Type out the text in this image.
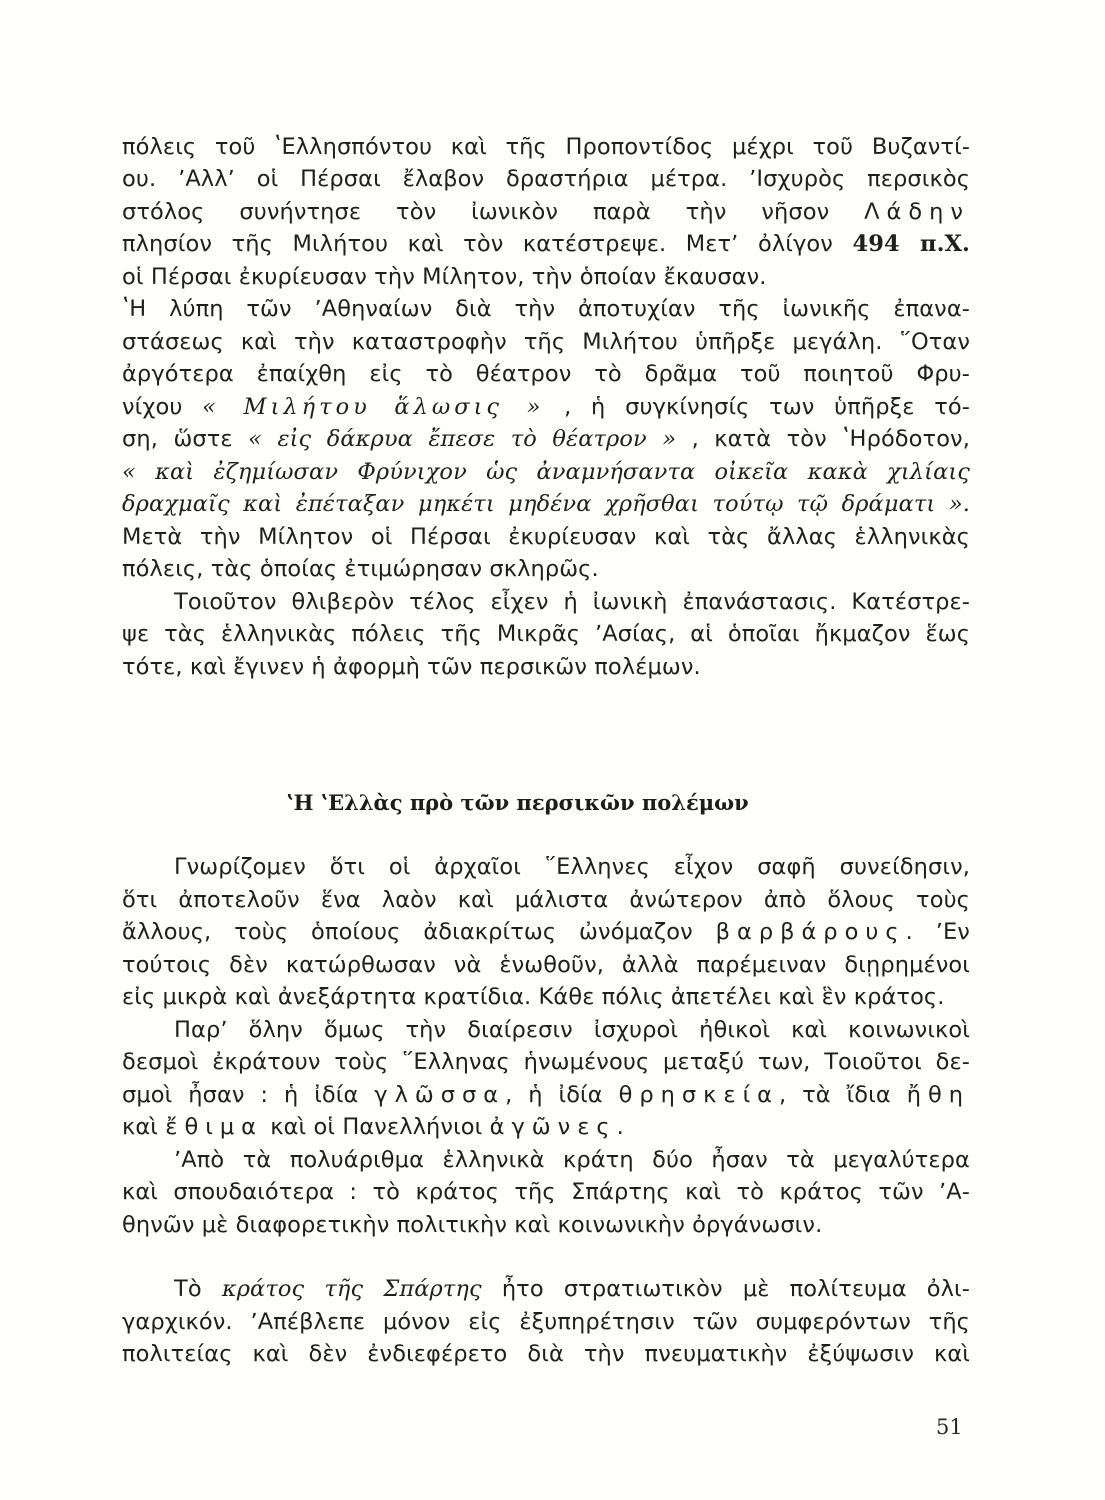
πόλεις τοῦ ʽΕλλησπόντου καὶ τῆς Προποντίδος μέχρι τοῦ Βυζαντί-
ου. ʼΑλλʼ οἱ Πέρσαι ἔλαβον δραστήρια μέτρα. ʼΙσχυρὸς περσικὸς
στόλος συνήντησε τὸν ἰωνικὸν παρὰ τὴν νῆσον Λάδην
πλησίον τῆς Μιλήτου καὶ τὸν κατέστρεψε. Μετʼ ὀλίγον 494 π.Χ.
οἱ Πέρσαι ἐκυρίευσαν τὴν Μίλητον, τὴν ὁποίαν ἔκαυσαν.
ʽΗ λύπη τῶν ʼΑθηναίων διὰ τὴν ἀποτυχίαν τῆς ἰωνικῆς ἐπανα-
στάσεως καὶ τὴν καταστροφὴν τῆς Μιλήτου ὑπῆρξε μεγάλη. ῞Οταν
ἀργότερα ἐπαίχθη εἰς τὸ θέατρον τὸ δρᾶμα τοῦ ποιητοῦ Φρυ-
νίχου « Μιλήτου ἅλωσις » , ἡ συγκίνησίς των ὑπῆρξε τό-
ση, ὥστε « εἰς δάκρυα ἔπεσε τὸ θέατρον » , κατὰ τὸν ʽΗρόδοτον,
« καὶ ἐζημίωσαν Φρύνιχον ὡς ἀναμνήσαντα οἰκεῖα κακὰ χιλίαις
δραχμαῖς καὶ ἐπέταξαν μηκέτι μηδένα χρῆσθαι τούτῳ τῷ δράματι ».
Μετὰ τὴν Μίλητον οἱ Πέρσαι ἐκυρίευσαν καὶ τὰς ἄλλας ἑλληνικὰς
πόλεις, τὰς ὁποίας ἐτιμώρησαν σκληρῶς.
Τοιοῦτον θλιβερὸν τέλος εἶχεν ἡ ἰωνικὴ ἐπανάστασις. Κατέστρε-
ψε τὰς ἑλληνικὰς πόλεις τῆς Μικρᾶς ʼΑσίας, αἱ ὁποῖαι ἤκμαζον ἕως
τότε, καὶ ἔγινεν ἡ ἀφορμὴ τῶν περσικῶν πολέμων.
ʽΗ ʽΕλλὰς πρὸ τῶν περσικῶν πολέμων
Γνωρίζομεν ὅτι οἱ ἀρχαῖοι ῞Ελληνες εἶχον σαφῆ συνείδησιν,
ὅτι ἀποτελοῦν ἕνα λαὸν καὶ μάλιστα ἀνώτερον ἀπὸ ὅλους τοὺς
ἄλλους, τοὺς ὁποίους ἀδιακρίτως ὠνόμαζον βαρβάρους. ʼΕν
τούτοις δὲν κατώρθωσαν νὰ ἑνωθοῦν, ἀλλὰ παρέμειναν διῃρημένοι
εἰς μικρὰ καὶ ἀνεξάρτητα κρατίδια. Κάθε πόλις ἀπετέλει καὶ ἓν κράτος.
Παρʼ ὅλην ὅμως τὴν διαίρεσιν ἰσχυροὶ ἠθικοὶ καὶ κοινωνικοὶ
δεσμοὶ ἐκράτουν τοὺς ῞Ελληνας ἡνωμένους μεταξύ των, Τοιοῦτοι δε-
σμοὶ ἦσαν : ἡ ἰδία γλῶσσα, ἡ ἰδία θρησκεία, τὰ ἴδια ἤθη
καὶ ἔθιμα καὶ οἱ Πανελλήνιοι ἀγῶνες.
ʼΑπὸ τὰ πολυάριθμα ἑλληνικὰ κράτη δύο ἦσαν τὰ μεγαλύτερα
καὶ σπουδαιότερα : τὸ κράτος τῆς Σπάρτης καὶ τὸ κράτος τῶν ʼΑ-
θηνῶν μὲ διαφορετικὴν πολιτικὴν καὶ κοινωνικὴν ὀργάνωσιν.
Τὸ κράτος τῆς Σπάρτης ἦτο στρατιωτικὸν μὲ πολίτευμα ὀλι-
γαρχικόν. ʼΑπέβλεπε μόνον εἰς ἐξυπηρέτησιν τῶν συμφερόντων τῆς
πολιτείας καὶ δὲν ἐνδιεφέρετο διὰ τὴν πνευματικὴν ἐξύψωσιν καὶ
51
